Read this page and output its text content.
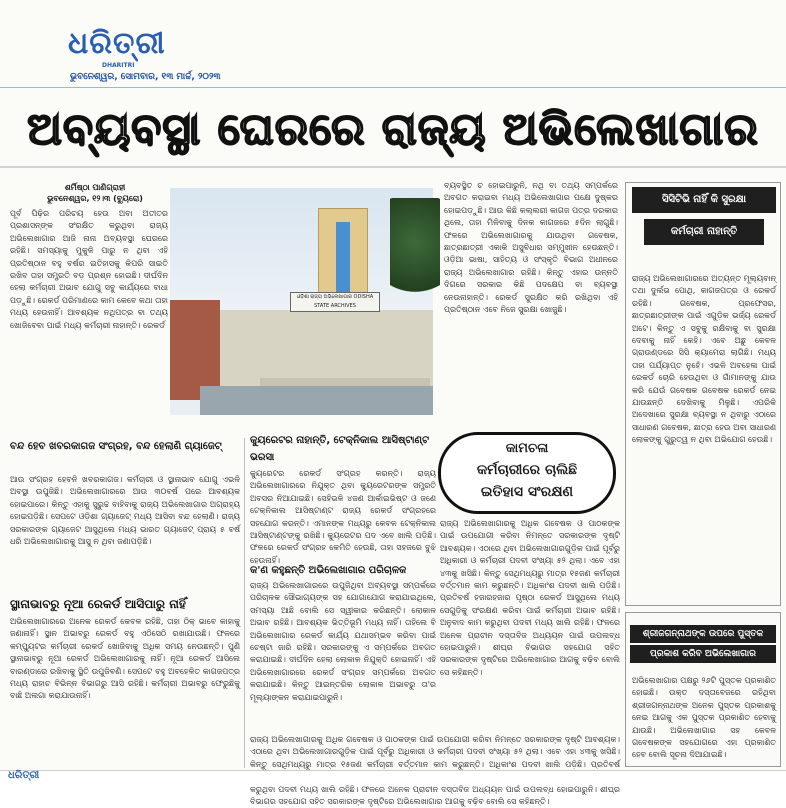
ଧରିତ୍ରୀ
DHARITRI
ଭୁବନେଶ୍ୱର, ସୋମବାର, ୧୩ ମାର୍ଚ୍ଚ, ୨୦୨୩
ଅବ୍ୟବସ୍ଥା ଘେରରେ ରାଜ୍ୟ ଅଭିଲେଖାଗାର
ଶର୍ମିଷ୍ଠା ପାଣିଗ୍ରାହୀ
ଭୁବନେଶ୍ୱର, ୧୨।୩ (ବ୍ୟୁରୋ)
ପୂର୍ବ ପିଢ଼ିର ପରିଚୟ ହେଉ ଅବା ଅତୀତର ପ୍ରଶାସନ୍ଙ୍କ ସଂରକ୍ଷିତ କରୁଥିବା ରାଜ୍ୟ ଅଭିଲେଖାଗାର ଆଜି ନାନା ଅବ୍ୟବସ୍ଥା ଘେରରେ ରହିଛି। ସମସ୍ୟାକୁ ମୁକୁଳି ପାରୁ ନ ଥିବା ଏହି ପ୍ରତିଷ୍ଠାନ ବହୁ ବର୍ଷର ଇତିହାସକୁ କିପରି ସାଇତି ରଖିବ ତାହା ସମ୍ପ୍ରତି ବଡ଼ ପ୍ରଶ୍ନ ହୋଇଛି। ଦୀର୍ଘଦିନ ହେଲା କର୍ମଚାରୀ ଅଭାବ ଯୋଗୁ ସବୁ କାର୍ଯ୍ୟରେ ବାଧା ପଡ଼ୁଛି। ରେକର୍ଡ ପରିମାଣରେ କାମ କେବେ କଥା ତାହା ମଧ୍ୟ ହେଉନାହିଁ। ଆବଶ୍ୟକ ନଥିପତ୍ର ବା ତଥ୍ୟ ଖୋଜିବେବା ପାଇଁ ମଧ୍ୟ କର୍ମଚାରୀ ନାହାନ୍ତି। ରେକର୍ଡ
ଓଡ଼ିଶା ରାଜ୍ୟ ଅଭିଲେଖାଗାର ODISHA STATE ARCHIVES
ବ୍ୟବସ୍ଥିତ ଚ ହୋଇପାରୁନି, ନଥି ବା ତଥ୍ୟ ସମ୍ପର୍କରେ ଅବଗତ କରାଇବା ମଧ୍ୟ ଅଭିଲେଖାଗାର ପକ୍ଷେ ଦୁଷ୍କର ହୋଇପଡ଼ୁଛି। ଆଉ କିଛି କଲ୍ଲରୀ କାଗଜ ପତ୍ର ଦରକାର ଥିଲେ, ତାହା ମିଳିବାକୁ ଦିନକ କାଗଜରେ ୫ଦିନ ଲାଗୁଛି। ଫଳରେ ଅଭିଲେଖାଗାରକୁ ଯାଉଥିବା ଗବେଷକ, ଛାତ୍ରଛାତ୍ରୀ ଏକାକି ଅସୁବିଧାର ସମ୍ମୁଖୀନ ହେଉଛନ୍ତି। ଓଡ଼ିଆ ଭାଷା, ସାହିତ୍ୟ ଓ ସଂସ୍କୃତି ବିଭାଗ ଅଧୀନରେ ରାଜ୍ୟ ଅଭିଲେଖାଗାର ରହିଛି। କିନ୍ତୁ ଏହାର ଉନ୍ନତି ଦିଗରେ ସରକାର କିଛି ପଦକ୍ଷେପ ବା ବ୍ୟବସ୍ଥା ନେଉନାହାନ୍ତି। ରେକର୍ଡ ସୁରକ୍ଷିତ କରି ରଖିଥିବା ଏହି ପ୍ରତିଷ୍ଠାନ ଏବେ ନିଜେ ସୁରକ୍ଷା ଖୋଜୁଛି।
ବନ୍ଦ ହେବ ଖବରକାଗଜ ସଂଗ୍ରହ, ବନ୍ଦ ହେଲାଣି ଗ୍ୟାଜେଟ୍
ଆଉ ସଂଗ୍ରହ ହେବନି ଖବରକାଗଜ। କର୍ମଚାରୀ ଓ ସ୍ଥାନାଭାବ ଯୋଗୁ ଏଭଳି ଅବସ୍ଥା ଉପୁଜିଛି। ଅଭିଲେଖାଗାରରେ ଆଉ ୩୦ବର୍ଷ ପରେ ଆବଶ୍ୟକ ହୋଇପାରେ। କିନ୍ତୁ ଏହାକୁ ସୁରୁଚ୍ଚ ବାହିବାକୁ ରାଜ୍ୟ ଅଭିଲେଖାଗାର ଅଗ୍ରାହ୍ୟ ହୋଇପଡ଼ିଛି। ସେପଟେ ଓଡ଼ିଶା ଗ୍ୟାଜେଟ୍ ମଧ୍ୟ ଆସିବା ବନ୍ଦ ହେଲାଣି। ରାଜ୍ୟ ସରକାରଙ୍କ ଗ୍ୟାଜେଟ ଆସୁଥିଲେ ମଧ୍ୟ ଭାରତ ଗ୍ୟାଜେଟ୍ ପ୍ରାୟ ୫ ବର୍ଷ ଧରି ଅଭିଲେଖାଗାରକୁ ଆସୁ ନ ଥିବା ଜଣାପଡ଼ିଛି।
ସ୍ଥାନାଭାବରୁ ନୂଆ ରେକର୍ଡ ଆସିପାରୁ ନାହିଁ
ଅଭିଲେଖାଗାରରେ ଅନେକ ରେକର୍ଡ କେବଳ ରହିଛି, ତାହା ଠିକ୍ ଭାବେ କାହାକୁ ଜଣାନାହିଁ। ସ୍ଥାନ ଅଭାବରୁ ରେକର୍ଡ ବହୁ ଏଠିସେଠି ରଖାଯାଉଛି। ଫଳରେ କମ୍ପ୍ୟୁଟର କର୍ମଚାରୀ ରେକର୍ଡ ଖୋଜିବାକୁ ଅଧିକ ସମୟ ନେଉଛନ୍ତି। ପୁଣି ସ୍ଥାନାଭାବରୁ ନୂଆ ରେକର୍ଡ ଅଭିଲେଖାଗାରକୁ ନାହିଁ। ନୂଆ ରେକର୍ଡ ଆସିଲେ ବାରଣ୍ଡାରେ ରଖିବାକୁ ସ୍ଥିତି ଉପୁଜିବଣି। ସେପଟେ ବହୁ ଅବହେଳିତ କାଗଜପତ୍ର ମଧ୍ୟ ରାହାଚ ବିଭିନ୍ନ ବିଭାଗରୁ ଆସି ରହିଛି। କର୍ମଚାରୀ ଅଭାବରୁ ଫେରୁଛିକୁ ବାଛି ଅଲଗା କରାଯାଉନାହିଁ।
କ୍ୟୁରେଟର ନାହାନ୍ତି, ଟେକ୍ନିକାଲ ଆସିଷ୍ଟାଣ୍ଟ ଭରସା
କ୍ୟୁରେଟର ରେକର୍ଡ ସଂଗ୍ରହ କରନ୍ତି। ରାଜ୍ୟ ଅଭିଲେଖାଗାରରେ ନିଯୁକ୍ତ ଥିବା କ୍ୟୁରେଟରଙ୍କ ସମ୍ପ୍ରତି ଅବସର ନିଆଯାଇଛି। ସେହିଭଳି ୪ଜଣ ଆର୍କାଇଭିଷ୍ଟ ଓ ଜଣେ ଟେକ୍ନିକାଲ ଆସିଷ୍ଟାଣ୍ଟ ରାଜ୍ୟ ରେକର୍ଡ ସଂଗ୍ରହରେ ସହଯୋଗ କରନ୍ତି। ଏମାନଙ୍କ ମଧ୍ୟରୁ କେବଳ ଟେକ୍ନିକାଲ ଆସିଷ୍ଟାଣ୍ଟଙ୍କୁ ରଖିଛି। କ୍ୟୁରେଟର ପଦ ଏବେ ଖାଲି ପଡ଼ିଛି। ଫଳରେ ରେକର୍ଡ ସଂଗ୍ରହ କେମିତି ହେଉଛି, ତାହା ସହଜରେ ବୁଝି ହେଉନାହିଁ।
କ'ଣ କହୁଛନ୍ତି ଅଭିଲେଖାଗାର ପରିଚାଳକ
ରାଜ୍ୟ ଅଭିଲେଖାଗାରରେ ଉପୁଜିଥିବା ଅବ୍ୟବସ୍ଥା ସମ୍ପର୍କରେ ପରିଚାଳକ ସୌଭାଗ୍ୟଙ୍କ ସହ ଯୋଗାଯୋଗ କରାଯାଇଥିଲେ, ସମସ୍ୟା ଆଛି ବୋଲି ସେ ସ୍ୱୀକାର କରିଛନ୍ତି। ଲୋକାଳ ଅଭାବ ରହିଛି। ଆବଶ୍ୟକ ଭିତ୍ତିଭୂମି ମଧ୍ୟ ନାହିଁ। ତାହିଲେ ବି ଅଭିଲେଖାଗାର ରେକର୍ଡ କାର୍ଯ୍ୟ ଯଥାସମ୍ଭବ କରିବା ପାଇଁ ଚେଷ୍ଟା ଜାରି ରହିଛି। ସରକାରଙ୍କୁ ଏ ସମ୍ପର୍କରେ ଅବଗତ କରାଯାଇଛି। ଦୀର୍ଘଦିନ ହେଲା ଲୋକାଳ ନିଯୁକ୍ତି ହୋଇନାହିଁ। ଏହି ଅଭିଲେଖାଗାରରେ ରେକର୍ଡ ସଂଗ୍ରହ ସମ୍ପର୍କରେ ଅବଗତ କରାଯାଇଛି। କିନ୍ତୁ ଆଇନ୍ତରିକ ଲୋକାଳ ଅଭାବରୁ ତା'ର ମୂଲ୍ୟାଙ୍କନ କରାଯାଇପାରୁନି।
କାମଚଳା
କର୍ମଚାରୀରେ ଚାଲିଛି
ଇତିହାସ ସଂରକ୍ଷଣ
ରାଜ୍ୟ ଅଭିଲେଖାଗାରକୁ ଅଧିକ ଗବେଷକ ଓ ପାଠକଙ୍କ ପାଇଁ ଉପଯୋଗୀ କରିବା ନିମନ୍ତେ ସରକାରଙ୍କ ଦୃଷ୍ଟି ଆବଶ୍ୟକ। ଏଠାରେ ଥିବା ଅଭିଲେଖାଗାରଗୁଡ଼ିକ ପାଇଁ ପୂର୍ବରୁ ଅଧିକାରୀ ଓ କର୍ମଚାରୀ ପଦବୀ ସଂଖ୍ୟା ୫୨ ଥିଲା। ଏବେ ଏହା ୪୩କୁ ଖସିଛି। କିନ୍ତୁ ସେଥିମଧ୍ୟରୁ ମାତ୍ର ୧୫ଜଣ କର୍ମଚାରୀ ବର୍ତ୍ତମାନ କାମ କରୁଛନ୍ତି। ଅଧିକାଂଶ ପଦବୀ ଖାଲି ପଡ଼ିଛି। ପ୍ରତିବର୍ଷ ହଜାରହଜାର ପୃଷ୍ଠା ରେକର୍ଡ ଆସୁଥିଲେ ମଧ୍ୟ ସେଗୁଡ଼ିକୁ ସଂରକ୍ଷଣ କରିବା ପାଇଁ କର୍ମଚାରୀ ଅଭାବ ରହିଛି। ଅନୁବାଦ କାମ କରୁଥିବା ପଦବୀ ମଧ୍ୟ ଖାଲି ରହିଛି। ଫଳରେ ଅନେକ ପ୍ରାଚୀନ ଦସ୍ତାବିଜ ଅଧ୍ୟୟନ ପାଇଁ ଉପଲବ୍ଧ ହୋଇପାରୁନି। ଶୀଘ୍ର ବିଭାଗର ସହଯୋଗ ସହିତ ସରକାରଙ୍କ ଦୃଷ୍ଟିରେ ଅଭିଲେଖାଗାର ଆଗକୁ ବଢ଼ିବ ବୋଲି ସେ କହିଛନ୍ତି।
ରାଜ୍ୟ ଅଭିଲେଖାଗାରକୁ ଅଧିକ ଗବେଷକ ଓ ପାଠକଙ୍କ ପାଇଁ ଉପଯୋଗୀ କରିବା ନିମନ୍ତେ ସରକାରଙ୍କ ଦୃଷ୍ଟି ଆବଶ୍ୟକ। ଏଠାରେ ଥିବା ଅଭିଲେଖାଗାରଗୁଡ଼ିକ ପାଇଁ ପୂର୍ବରୁ ଅଧିକାରୀ ଓ କର୍ମଚାରୀ ପଦବୀ ସଂଖ୍ୟା ୫୨ ଥିଲା। ଏବେ ଏହା ୪୩କୁ ଖସିଛି। କିନ୍ତୁ ସେଥିମଧ୍ୟରୁ ମାତ୍ର ୧୫ଜଣ କର୍ମଚାରୀ ବର୍ତ୍ତମାନ କାମ କରୁଛନ୍ତି। ଅଧିକାଂଶ ପଦବୀ ଖାଲି ପଡ଼ିଛି। ପ୍ରତିବର୍ଷ କରୁଥିବା ପଦବୀ ମଧ୍ୟ ଖାଲି ରହିଛି। ଫଳରେ ଅନେକ ପ୍ରାଚୀନ ଦସ୍ତାବିଜ ଅଧ୍ୟୟନ ପାଇଁ ଉପଲବ୍ଧ ହୋଇପାରୁନି। ଶୀଘ୍ର ବିଭାଗର ସହଯୋଗ ସହିତ ସରକାରଙ୍କ ଦୃଷ୍ଟିରେ ଅଭିଲେଖାଗାର ଆଗକୁ ବଢ଼ିବ ବୋଲି ସେ କହିଛନ୍ତି।
ସିସିଟିଭି ନାହିଁ କି ସୁରକ୍ଷା
କର୍ମଚାରୀ ନାହାନ୍ତି
ରାଜ୍ୟ ଅଭିଲେଖାଗାରରେ ଅତ୍ୟନ୍ତ ମୂଲ୍ୟବାନ୍ ତଥା ଦୁର୍ଲଭ ପୋଥି, କାଗଜପତ୍ର ଓ ରେକର୍ଡ ରହିଛି। ଗବେଷକ, ପ୍ରଫେସର, ଛାତ୍ରଛାତ୍ରୀଙ୍କ ପାଇଁ ଏଗୁଡ଼ିକ ଭର୍ଜ୍ୟ ରେକର୍ଡ ଅଟେ। କିନ୍ତୁ ଏ ସବୁକୁ ରକ୍ଷିବାକୁ ବା ସୁରକ୍ଷା ଦେବାକୁ ନାହିଁ କେହି। ଏବେ ଅଛୁ କେବଳ ଗ୍ରାଉଣ୍ଡରେ ସିସି କ୍ୟାମେରା ଲାଗିଛି। ମଧ୍ୟ ତାହା ପର୍ଯ୍ୟାପ୍ତ ନୁହେଁ। ଏଭଳି ଅବହେଳା ପାଇଁ ରେକର୍ଡ ଚୋରି ହେଉଥିବା ଓ ଗାଁମାନଙ୍କୁ ଯାଉ କରି ଯେଉଁ ଗବେଷକ ଗବେଷକ ରେକର୍ଡ ନେଇ ଯାଉଛନ୍ତି ଦେଖିବାକୁ ମିଳୁଛି। ଏପରିକି ଅଦେଖାରେ ସୁରକ୍ଷା ବ୍ୟବସ୍ଥା ନ ଥିବାରୁ ଏଠାରେ ସାଧାରଣ ଗବେଷକ, ଛାତ୍ର ହେଉ ଅବା ସାଧାରଣ ଲୋକଙ୍କୁ ଗୁରୁତ୍ୱ ନ ଥିବା ଅଭିଯୋଗ ହେଉଛି।
ଶ୍ରୀଜଗନ୍ନାଥଙ୍କ ଉପରେ ପୁସ୍ତକ
ପ୍ରକାଶ କରିବ ଅଭିଲେଖାଗାର
ଅଭିଲେଖାଗାର ପକ୍ଷରୁ ୨୬ଟି ପୁସ୍ତକ ପ୍ରକାଶିତ ହୋଇଛି। ଉକ୍ତ ଦସ୍ତାବେଜରେ ରହିଥିବା ଶ୍ରୀଜଗନ୍ନାଥଙ୍କ ଅନେକ ପୁସ୍ତକ ପ୍ରକାଶକୁ ନେଇ ଆଗକୁ ଏକ ପୁସ୍ତକ ପ୍ରକାଶିତ ହେବାକୁ ଯାଉଛି। ଅଭିଲେଖାଗାର ସହ କେବଳ ଗବେଷକଙ୍କ ସହଯୋଗରେ ଏହା ପ୍ରକାଶିତ ହେବ ବୋଲି ସୂଚନା ଦିଆଯାଇଛି।
ଧରିତ୍ରୀ
